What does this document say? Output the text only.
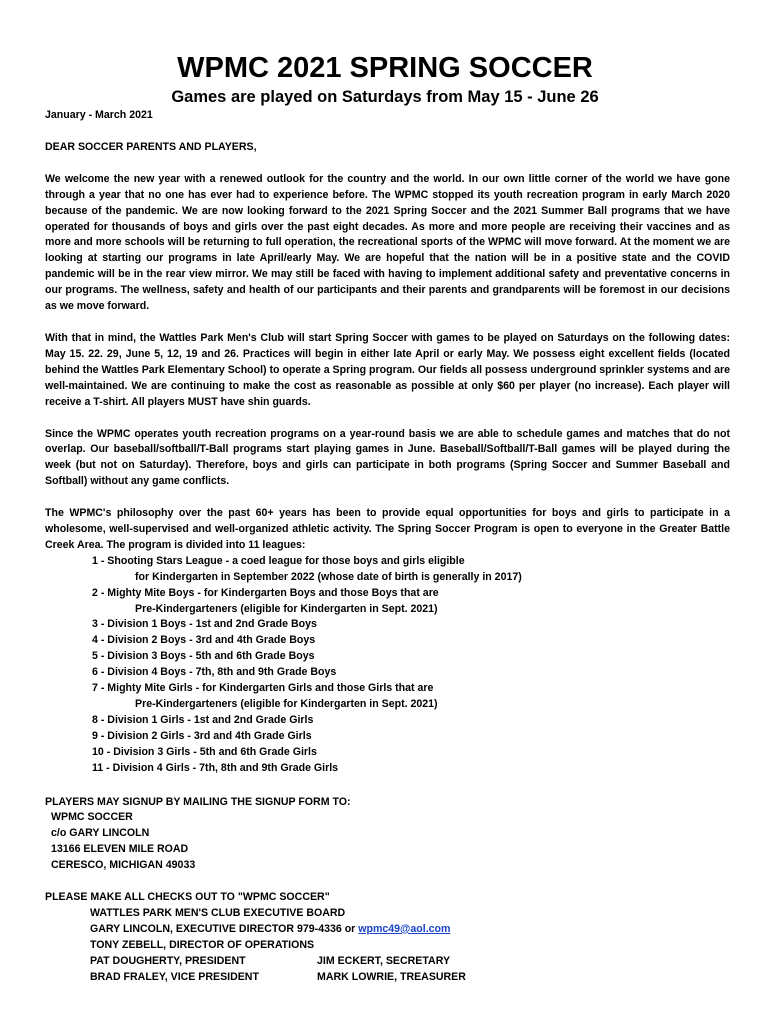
WPMC 2021 SPRING SOCCER
Games are played on Saturdays from May 15 - June 26

January - March 2021

DEAR SOCCER PARENTS AND PLAYERS,

We welcome the new year with a renewed outlook for the country and the world. In our own little corner of the world we have gone through a year that no one has ever had to experience before. The WPMC stopped its youth recreation program in early March 2020 because of the pandemic. We are now looking forward to the 2021 Spring Soccer and the 2021 Summer Ball programs that we have operated for thousands of boys and girls over the past eight decades. As more and more people are receiving their vaccines and as more and more schools will be returning to full operation, the recreational sports of the WPMC will move forward. At the moment we are looking at starting our programs in late April/early May. We are hopeful that the nation will be in a positive state and the COVID pandemic will be in the rear view mirror. We may still be faced with having to implement additional safety and preventative concerns in our programs. The wellness, safety and health of our participants and their parents and grandparents will be foremost in our decisions as we move forward.

With that in mind, the Wattles Park Men's Club will start Spring Soccer with games to be played on Saturdays on the following dates: May 15. 22. 29, June 5, 12, 19 and 26. Practices will begin in either late April or early May. We possess eight excellent fields (located behind the Wattles Park Elementary School) to operate a Spring program. Our fields all possess underground sprinkler systems and are well-maintained. We are continuing to make the cost as reasonable as possible at only $60 per player (no increase). Each player will receive a T-shirt. All players MUST have shin guards.

Since the WPMC operates youth recreation programs on a year-round basis we are able to schedule games and matches that do not overlap. Our baseball/softball/T-Ball programs start playing games in June. Baseball/Softball/T-Ball games will be played during the week (but not on Saturday). Therefore, boys and girls can participate in both programs (Spring Soccer and Summer Baseball and Softball) without any game conflicts.

The WPMC's philosophy over the past 60+ years has been to provide equal opportunities for boys and girls to participate in a wholesome, well-supervised and well-organized athletic activity. The Spring Soccer Program is open to everyone in the Greater Battle Creek Area. The program is divided into 11 leagues:

1 - Shooting Stars League - a coed league for those boys and girls eligible

for Kindergarten in September 2022 (whose date of birth is generally in 2017)

2 - Mighty Mite Boys - for Kindergarten Boys and those Boys that are

Pre-Kindergarteners (eligible for Kindergarten in Sept. 2021)

3 - Division 1 Boys - 1st and 2nd Grade Boys

4 - Division 2 Boys - 3rd and 4th Grade Boys

5 - Division 3 Boys - 5th and 6th Grade Boys

6 - Division 4 Boys - 7th, 8th and 9th Grade Boys

7 - Mighty Mite Girls - for Kindergarten Girls and those Girls that are

Pre-Kindergarteners (eligible for Kindergarten in Sept. 2021)

8 - Division 1 Girls - 1st and 2nd Grade Girls

9 - Division 2 Girls - 3rd and 4th Grade Girls

10 - Division 3 Girls - 5th and 6th Grade Girls

11 - Division 4 Girls - 7th, 8th and 9th Grade Girls

PLAYERS MAY SIGNUP BY MAILING THE SIGNUP FORM TO:

WPMC SOCCER

c/o GARY LINCOLN

13166 ELEVEN MILE ROAD

CERESCO, MICHIGAN 49033

PLEASE MAKE ALL CHECKS OUT TO "WPMC SOCCER"

WATTLES PARK MEN'S CLUB EXECUTIVE BOARD

GARY LINCOLN, EXECUTIVE DIRECTOR 979-4336 or wpmc49@aol.com

TONY ZEBELL, DIRECTOR OF OPERATIONS

PAT DOUGHERTY, PRESIDENT	JIM ECKERT, SECRETARY
BRAD FRALEY, VICE PRESIDENT	MARK LOWRIE, TREASURER
